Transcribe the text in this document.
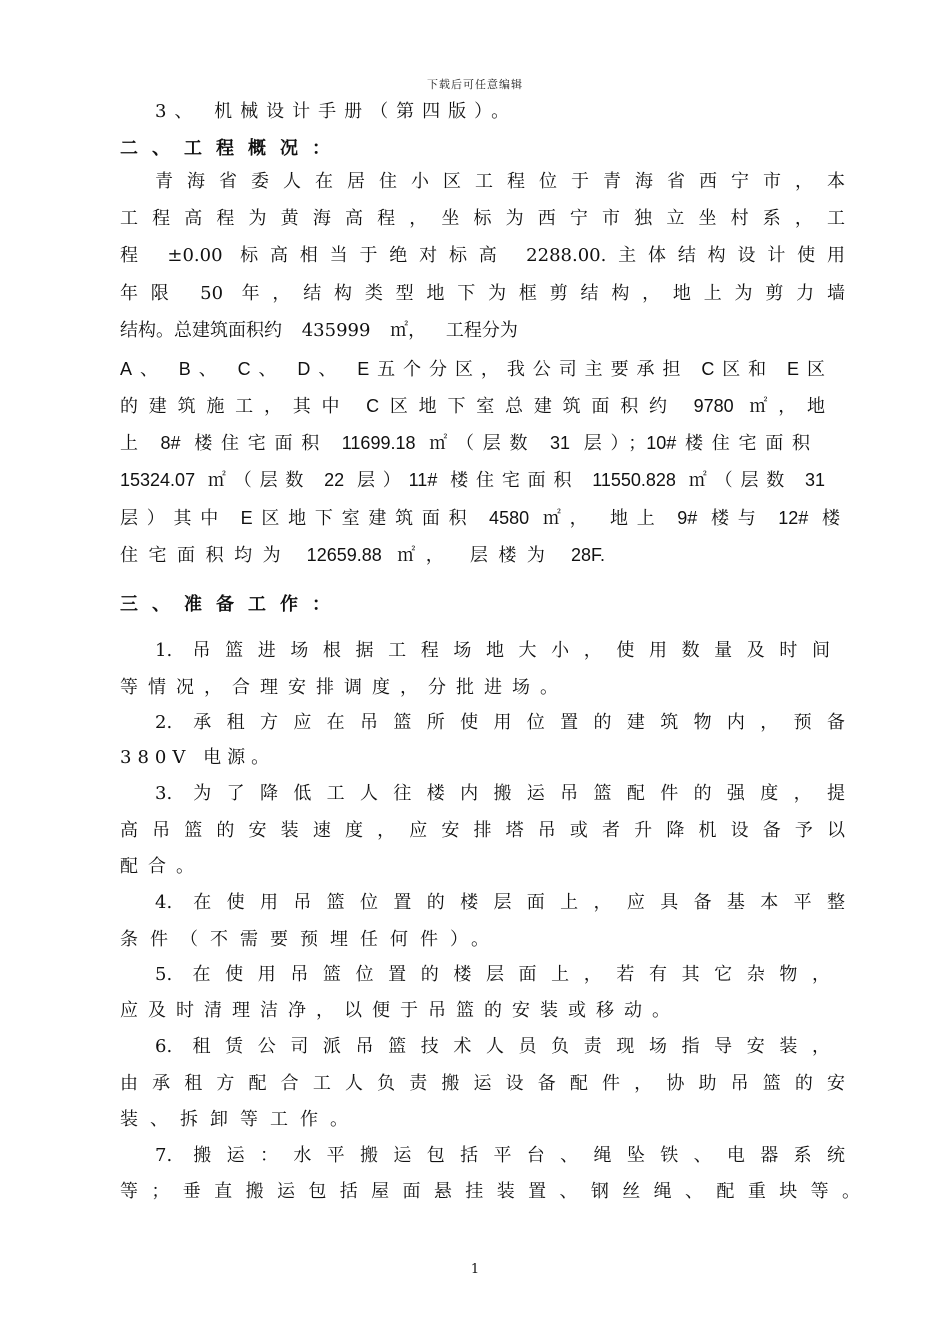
下载后可任意编辑
3、 机械设计手册（第四版）。
二、工程概况：
青海省委人在居住小区工程位于青海省西宁市，本
工程高程为黄海高程，坐标为西宁市独立坐村系，工
程 ±0.00 标高相当于绝对标高 2288.00.主体结构设计使用
年限 50 年，结构类型地下为框剪结构，地上为剪力墙
结构。总建筑面积约 435999 ㎡， 工程分为
A、 B、 C、 D、 E五个分区，我公司主要承担 C区和 E区
的建筑施工，其中 C区地下室总建筑面积约 9780 ㎡，地
上 8# 楼住宅面积 11699.18 ㎡（层数 31 层）；10#楼住宅面积
15324.07 ㎡（层数 22 层）11# 楼住宅面积 11550.828 ㎡（层数 31
层）其中 E区地下室建筑面积 4580 ㎡， 地上 9# 楼与 12# 楼
住宅面积均为 12659.88 ㎡， 层楼为 28F.
三、准备工作：
1. 吊篮进场根据工程场地大小，使用数量及时间
等情况，合理安排调度，分批进场。
2. 承租方应在吊篮所使用位置的建筑物内，预备
380V 电源。
3. 为了降低工人往楼内搬运吊篮配件的强度，提
高吊篮的安装速度，应安排塔吊或者升降机设备予以
配合。
4. 在使用吊篮位置的楼层面上，应具备基本平整
条件（不需要预埋任何件）。
5. 在使用吊篮位置的楼层面上，若有其它杂物，
应及时清理洁净，以便于吊篮的安装或移动。
6. 租赁公司派吊篮技术人员负责现场指导安装，
由承租方配合工人负责搬运设备配件，协助吊篮的安
装、拆卸等工作。
7. 搬运：水平搬运包括平台、绳坠铁、电器系统
等；垂直搬运包括屋面悬挂装置、钢丝绳、配重块等。
1
